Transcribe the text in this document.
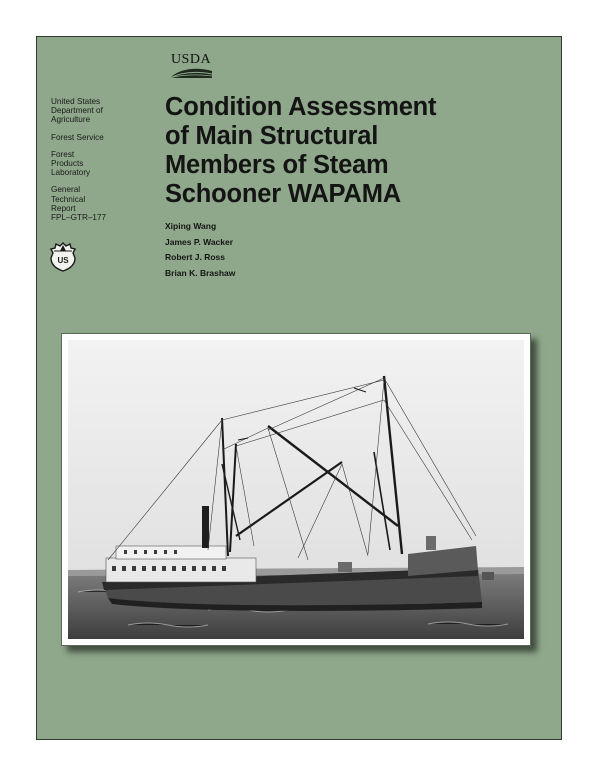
USDA
United States
Department of
Agriculture
Forest Service
Forest
Products
Laboratory
General
Technical
Report
FPL–GTR–177
US
Condition Assessment
of Main Structural
Members of Steam
Schooner WAPAMA
Xiping Wang
James P. Wacker
Robert J. Ross
Brian K. Brashaw
